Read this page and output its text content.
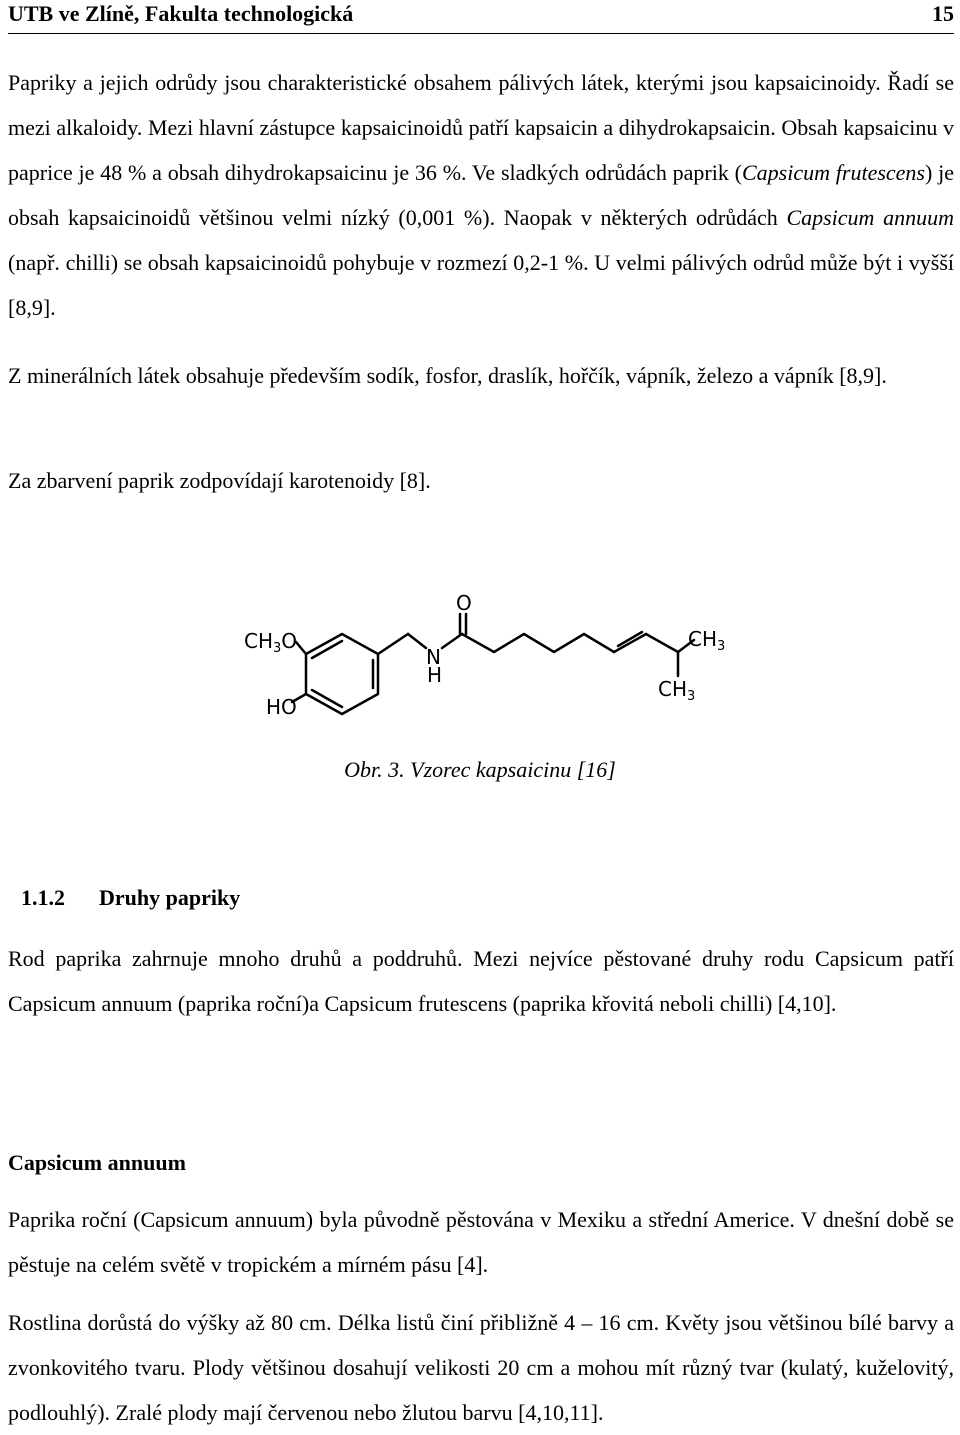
UTB ve Zlíně, Fakulta technologická	15
Papriky a jejich odrůdy jsou charakteristické obsahem pálivých látek, kterými jsou kapsaicinoidy. Řadí se mezi alkaloidy. Mezi hlavní zástupce kapsaicinoidů patří kapsaicin a dihydrokapsaicin. Obsah kapsaicinu v paprice je 48 % a obsah dihydrokapsaicinu je 36 %. Ve sladkých odrůdách paprik (Capsicum frutescens) je obsah kapsaicinoidů většinou velmi nízký (0,001 %). Naopak v některých odrůdách Capsicum annuum (např. chilli) se obsah kapsaicinoidů pohybuje v rozmezí 0,2-1 %. U velmi pálivých odrůd může být i vyšší [8,9].
Z minerálních látek obsahuje především sodík, fosfor, draslík, hořčík, vápník, železo a vápník [8,9].
Za zbarvení paprik zodpovídají karotenoidy [8].
$CH_3O$
HO
N
H
O
$CH_3$
$CH_3$
Obr. 3. Vzorec kapsaicinu [16]
1.1.2 Druhy papriky
Rod paprika zahrnuje mnoho druhů a poddruhů. Mezi nejvíce pěstované druhy rodu Capsicum patří Capsicum annuum (paprika roční)a Capsicum frutescens (paprika křovitá neboli chilli) [4,10].
Capsicum annuum
Paprika roční (Capsicum annuum) byla původně pěstována v Mexiku a střední Americe. V dnešní době se pěstuje na celém světě v tropickém a mírném pásu [4].
Rostlina dorůstá do výšky až 80 cm. Délka listů činí přibližně 4 – 16 cm. Květy jsou většinou bílé barvy a zvonkovitého tvaru. Plody většinou dosahují velikosti 20 cm a mohou mít různý tvar (kulatý, kuželovitý, podlouhlý). Zralé plody mají červenou nebo žlutou barvu [4,10,11].
